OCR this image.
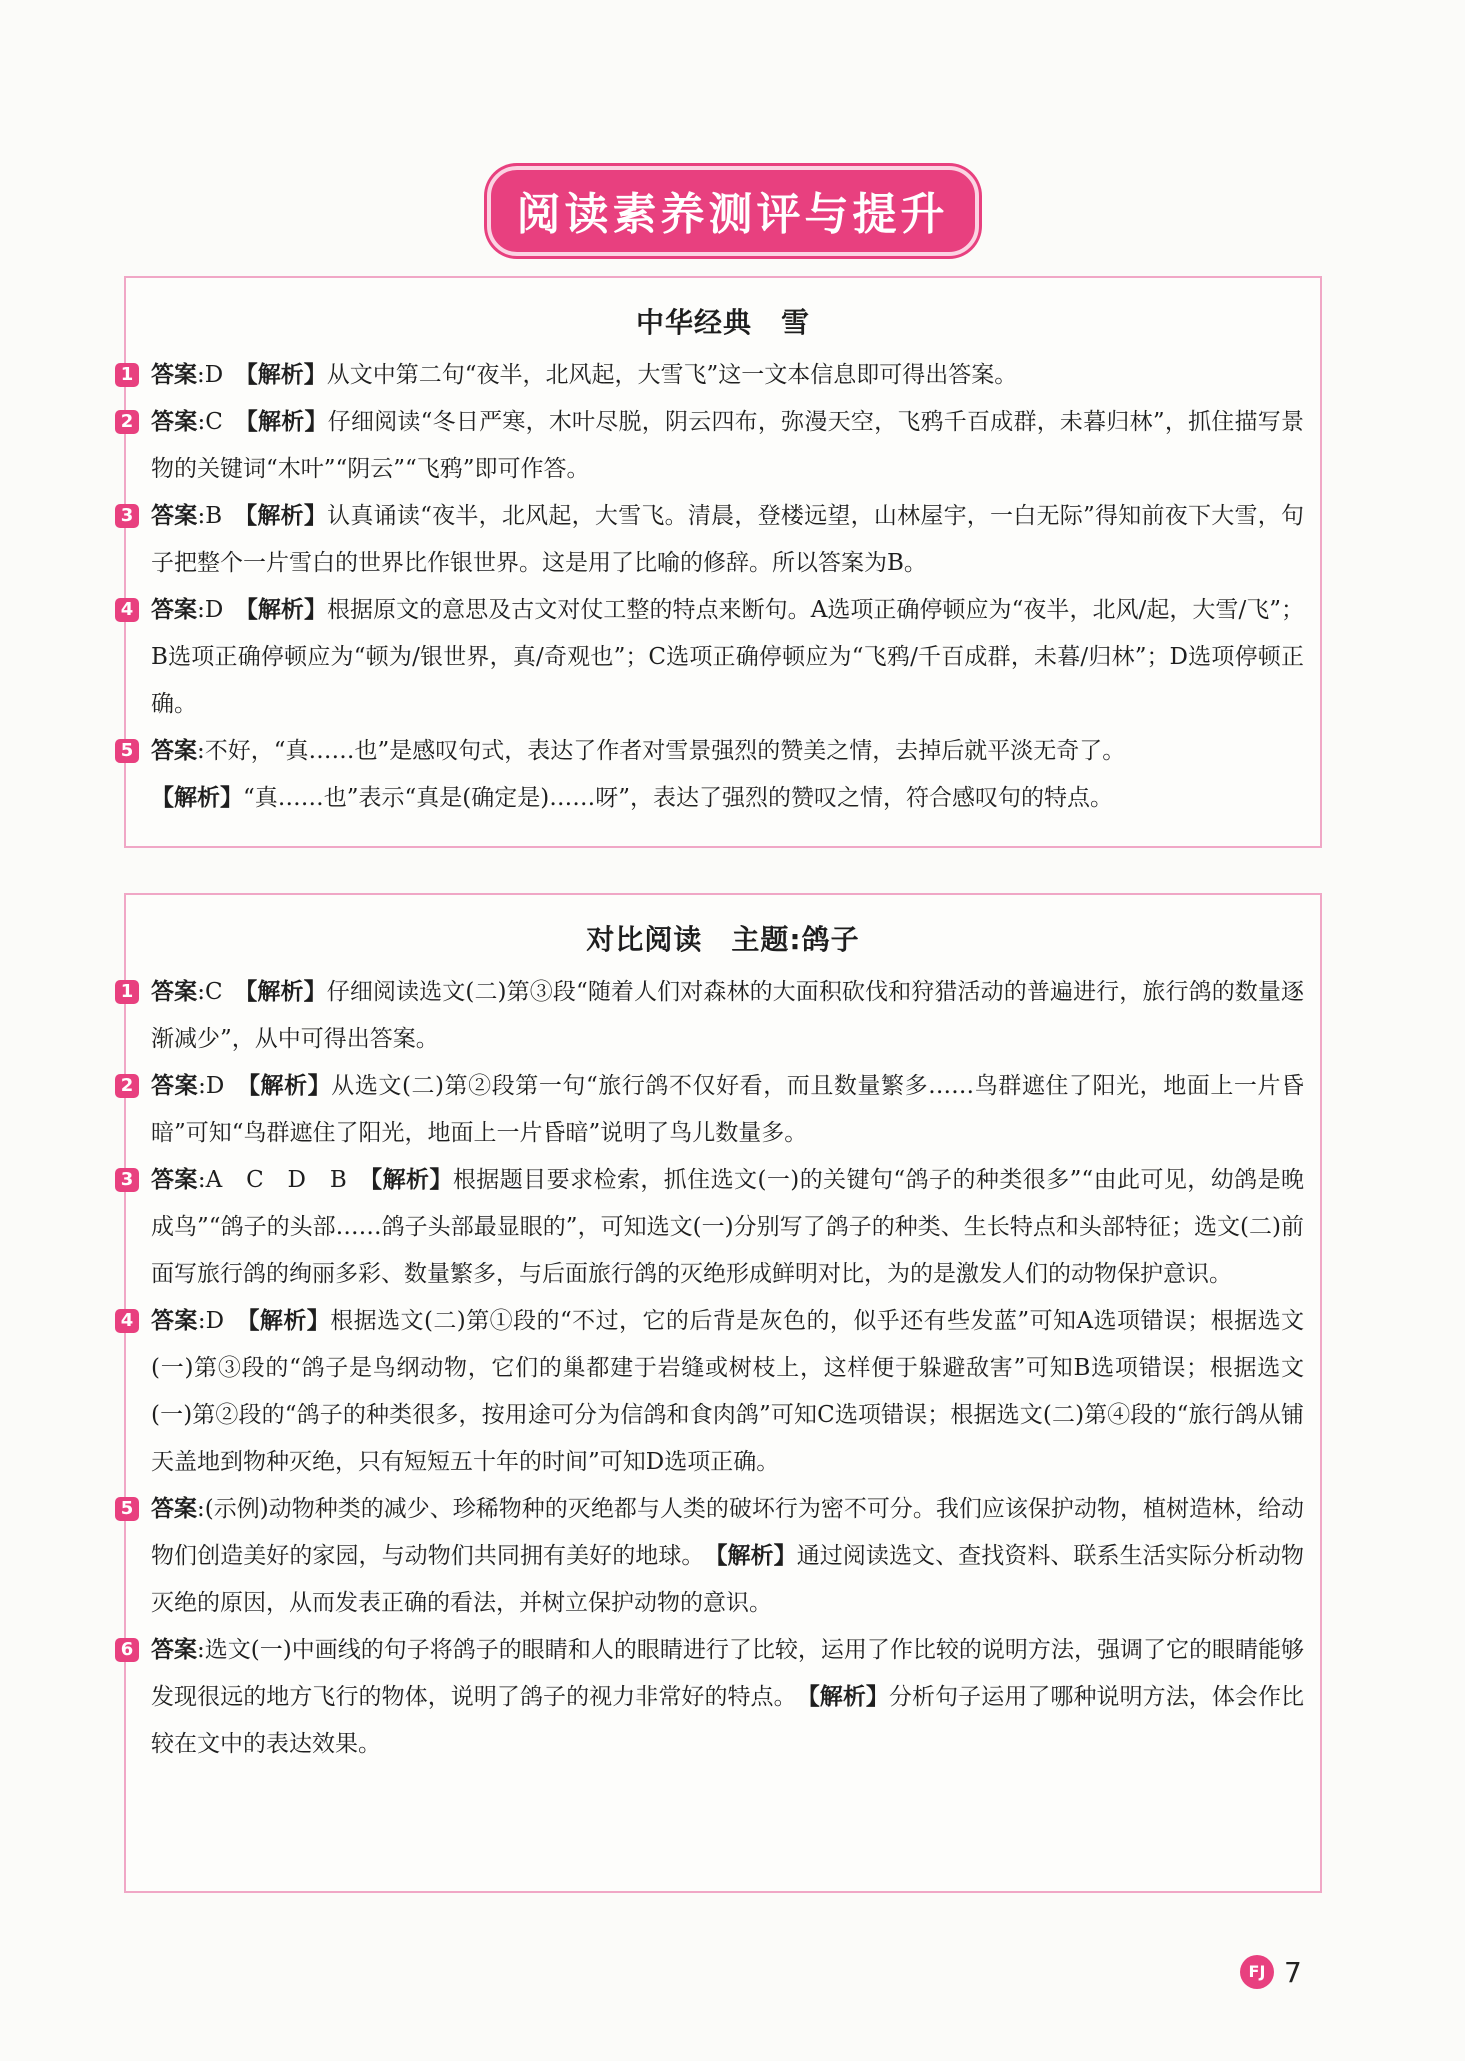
阅读素养测评与提升
中华经典　雪
1 答案:D　 【解析】从文中第二句“夜半，北风起，大雪飞”这一文本信息即可得出答案。
2 答案:C　 【解析】仔细阅读“冬日严寒，木叶尽脱，阴云四布，弥漫天空，飞鸦千百成群，未暮归林”，抓住描写景物的关键词“木叶”“阴云”“飞鸦”即可作答。
3 答案:B　 【解析】认真诵读“夜半，北风起，大雪飞。清晨，登楼远望，山林屋宇，一白无际”得知前夜下大雪，句子把整个一片雪白的世界比作银世界。这是用了比喻的修辞。所以答案为B。
4 答案:D　 【解析】根据原文的意思及古文对仗工整的特点来断句。A选项正确停顿应为“夜半，北风/起，大雪/飞”；B选项正确停顿应为“顿为/银世界，真/奇观也”；C选项正确停顿应为“飞鸦/千百成群，未暮/归林”；D选项停顿正确。
5 答案:不好，“真……也”是感叹句式，表达了作者对雪景强烈的赞美之情，去掉后就平淡无奇了。
【解析】“真……也”表示“真是(确定是)……呀”，表达了强烈的赞叹之情，符合感叹句的特点。
对比阅读　主题:鸽子
1 答案:C　 【解析】仔细阅读选文(二)第③段“随着人们对森林的大面积砍伐和狩猎活动的普遍进行，旅行鸽的数量逐渐减少”，从中可得出答案。
2 答案:D　 【解析】从选文(二)第②段第一句“旅行鸽不仅好看，而且数量繁多……鸟群遮住了阳光，地面上一片昏暗”可知“鸟群遮住了阳光，地面上一片昏暗”说明了鸟儿数量多。
3 答案:A　C　D　B　 【解析】根据题目要求检索，抓住选文(一)的关键句“鸽子的种类很多”“由此可见，幼鸽是晚成鸟”“鸽子的头部……鸽子头部最显眼的”，可知选文(一)分别写了鸽子的种类、生长特点和头部特征；选文(二)前面写旅行鸽的绚丽多彩、数量繁多，与后面旅行鸽的灭绝形成鲜明对比，为的是激发人们的动物保护意识。
4 答案:D　 【解析】根据选文(二)第①段的“不过，它的后背是灰色的，似乎还有些发蓝”可知A选项错误；根据选文(一)第③段的“鸽子是鸟纲动物，它们的巢都建于岩缝或树枝上，这样便于躲避敌害”可知B选项错误；根据选文(一)第②段的“鸽子的种类很多，按用途可分为信鸽和食肉鸽”可知C选项错误；根据选文(二)第④段的“旅行鸽从铺天盖地到物种灭绝，只有短短五十年的时间”可知D选项正确。
5 答案:(示例)动物种类的减少、珍稀物种的灭绝都与人类的破坏行为密不可分。我们应该保护动物，植树造林，给动物们创造美好的家园，与动物们共同拥有美好的地球。　【解析】通过阅读选文、查找资料、联系生活实际分析动物灭绝的原因，从而发表正确的看法，并树立保护动物的意识。
6 答案:选文(一)中画线的句子将鸽子的眼睛和人的眼睛进行了比较，运用了作比较的说明方法，强调了它的眼睛能够发现很远的地方飞行的物体，说明了鸽子的视力非常好的特点。　【解析】分析句子运用了哪种说明方法，体会作比较在文中的表达效果。
FJ 7
